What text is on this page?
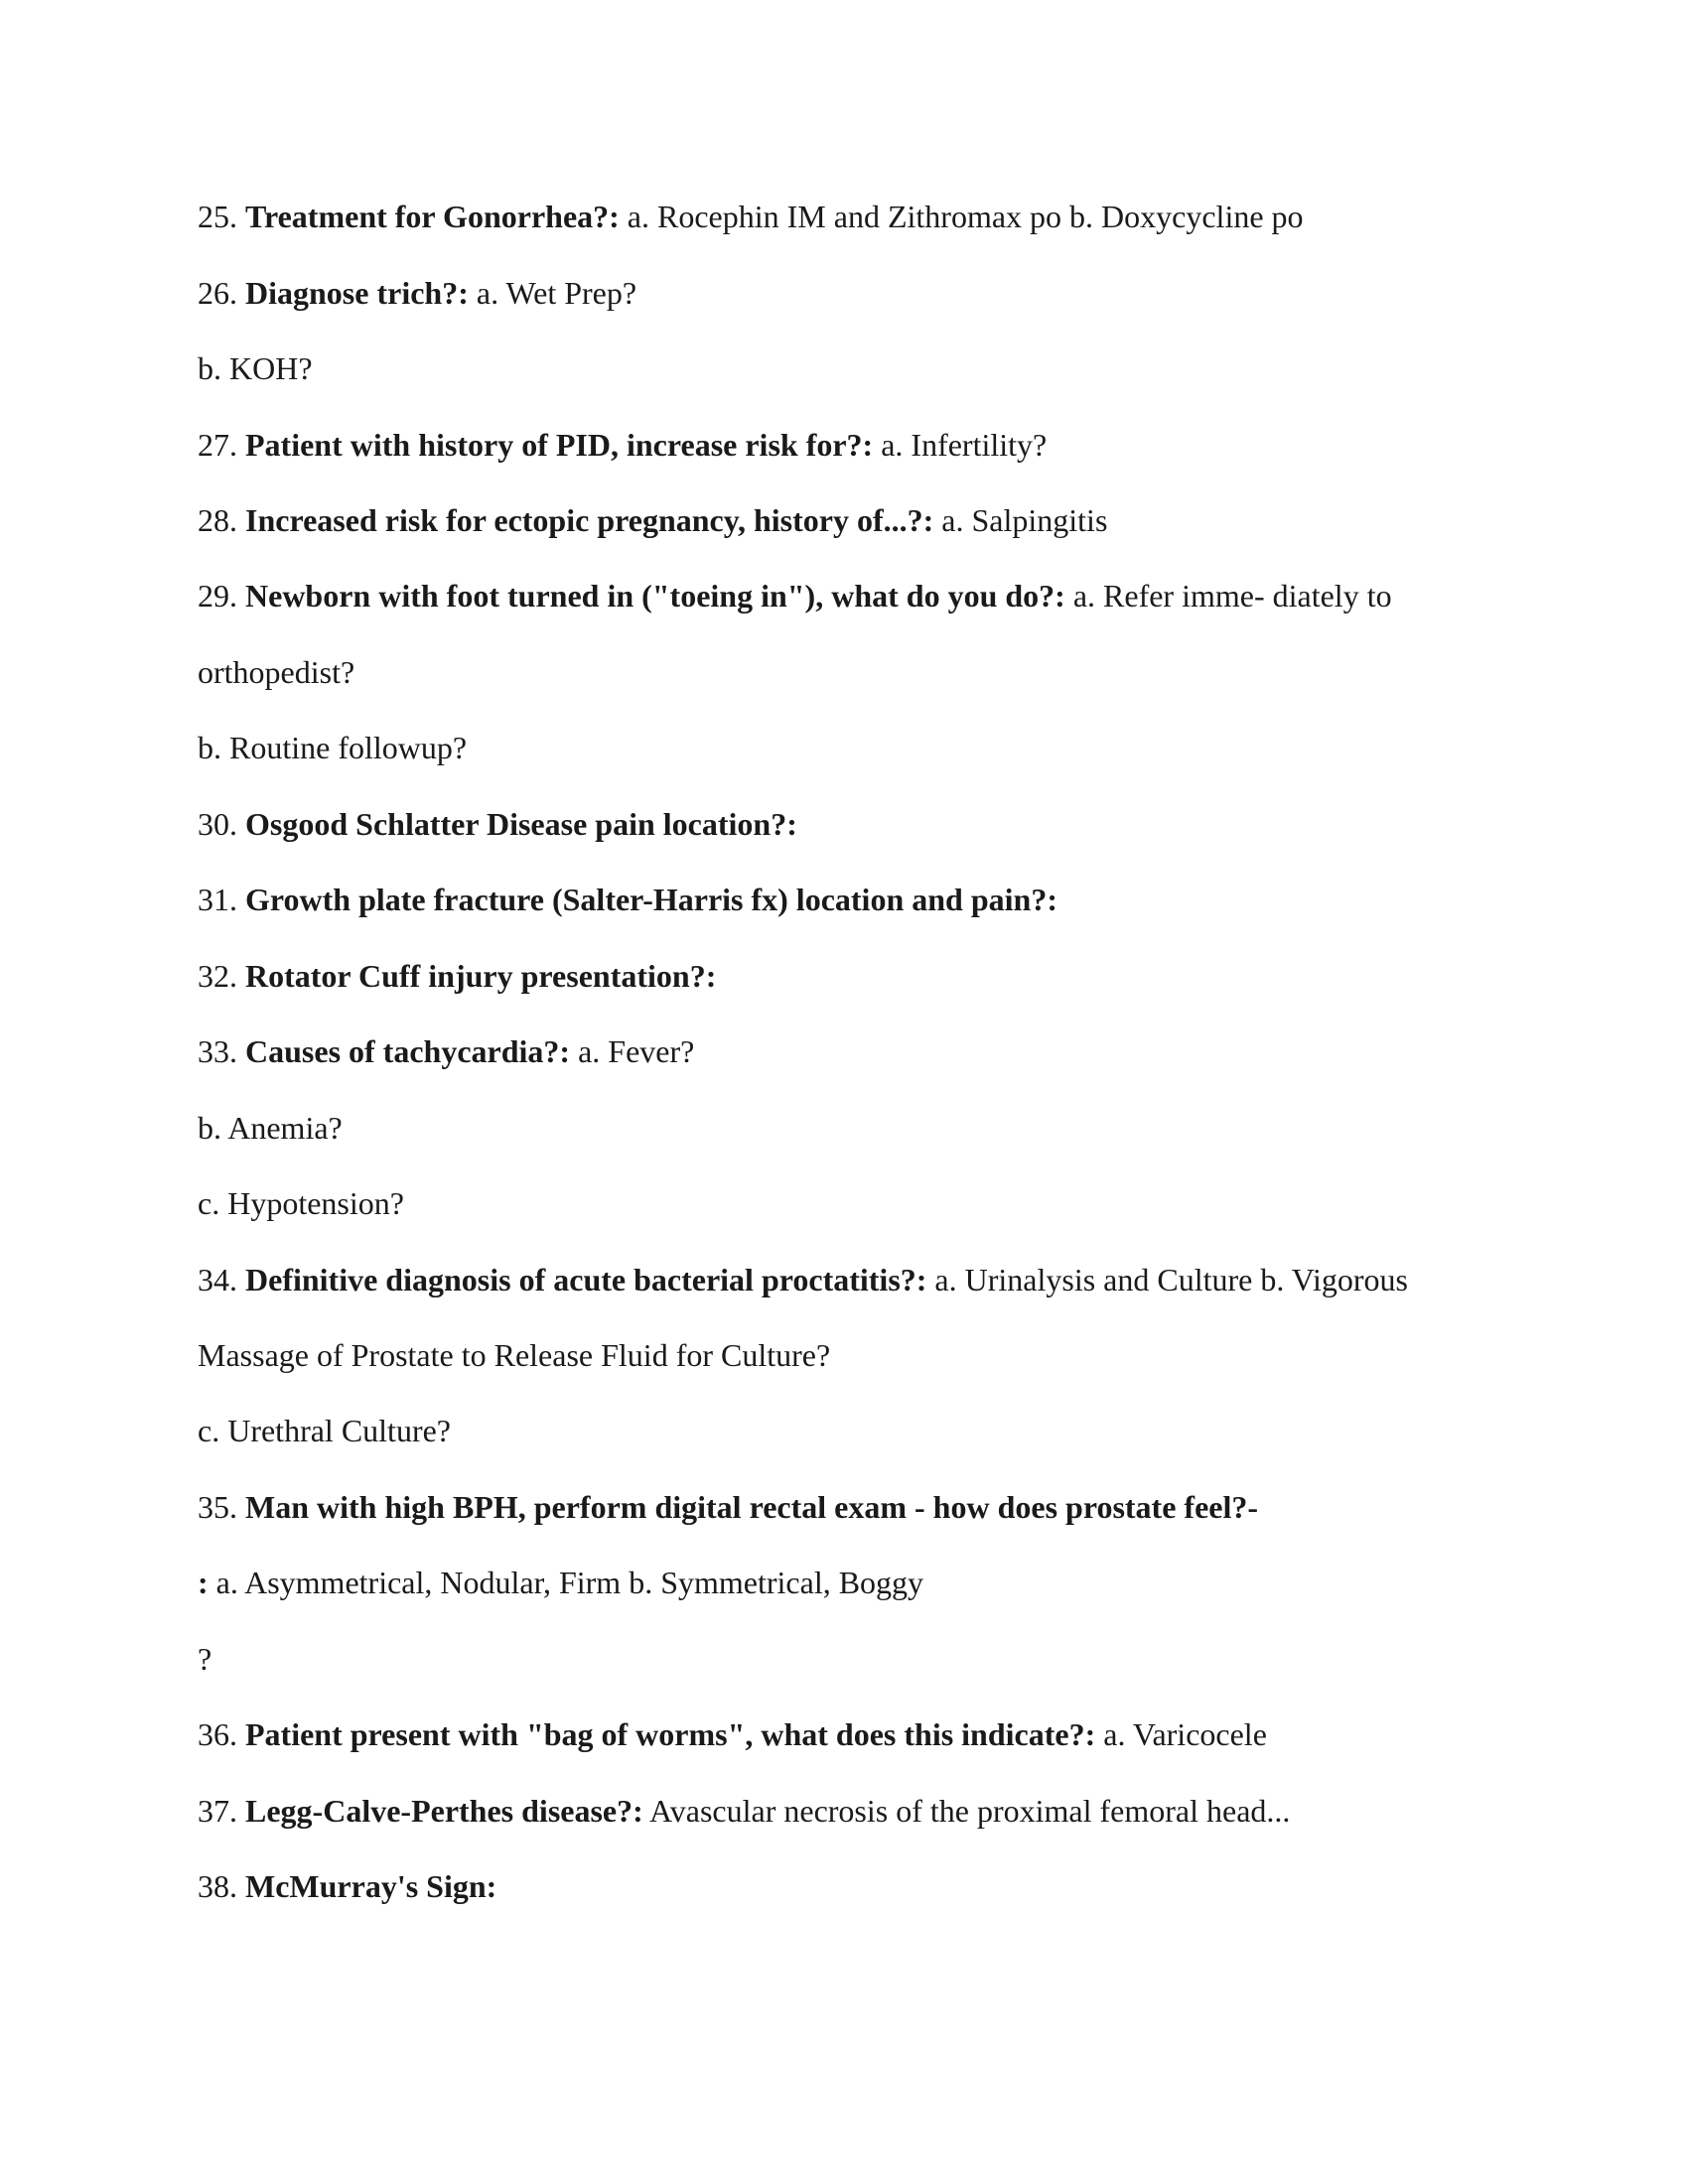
25. Treatment for Gonorrhea?: a. Rocephin IM and Zithromax po b. Doxycycline po
26. Diagnose trich?: a. Wet Prep?
b. KOH?
27. Patient with history of PID, increase risk for?: a. Infertility?
28. Increased risk for ectopic pregnancy, history of...?: a. Salpingitis
29. Newborn with foot turned in ("toeing in"), what do you do?: a. Refer imme- diately to
orthopedist?
b. Routine followup?
30. Osgood Schlatter Disease pain location?:
31. Growth plate fracture (Salter-Harris fx) location and pain?:
32. Rotator Cuff injury presentation?:
33. Causes of tachycardia?: a. Fever?
b. Anemia?
c. Hypotension?
34. Definitive diagnosis of acute bacterial proctatitis?: a. Urinalysis and Culture b. Vigorous
Massage of Prostate to Release Fluid for Culture?
c. Urethral Culture?
35. Man with high BPH, perform digital rectal exam - how does prostate feel?-
: a. Asymmetrical, Nodular, Firm b. Symmetrical, Boggy
?
36. Patient present with "bag of worms", what does this indicate?: a. Varicocele
37. Legg-Calve-Perthes disease?: Avascular necrosis of the proximal femoral head...
38. McMurray's Sign:
